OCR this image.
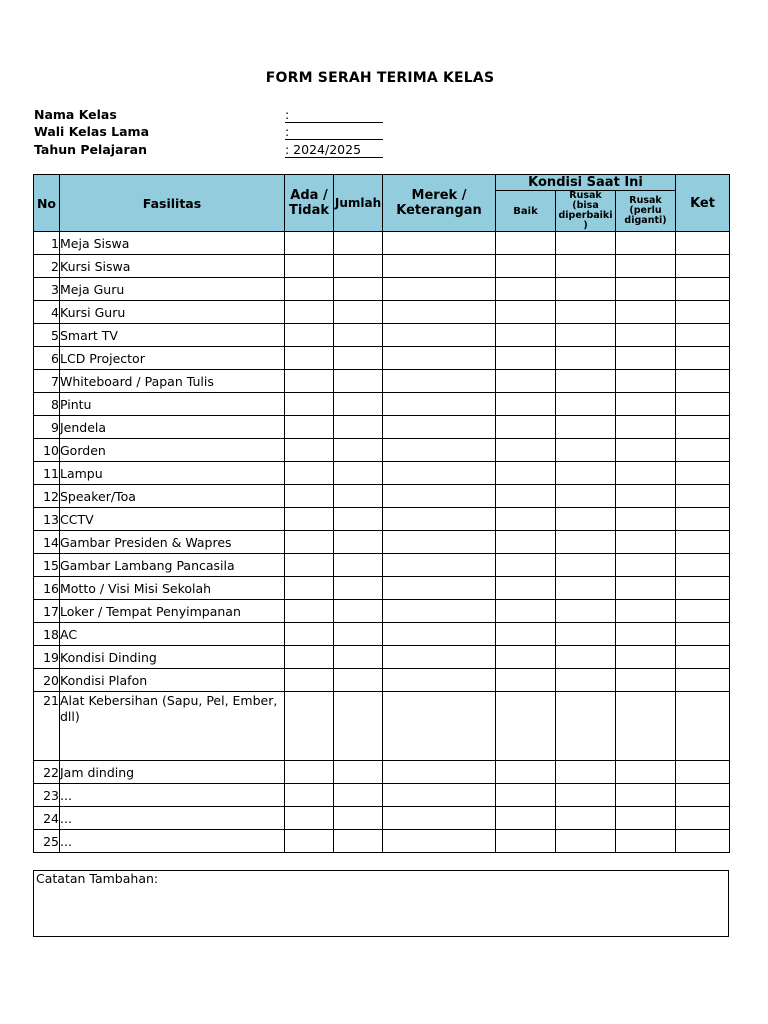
FORM SERAH TERIMA KELAS
Nama Kelas	:
Wali Kelas Lama	:
Tahun Pelajaran	: 2024/2025
No	Fasilitas	Ada / Tidak	Jumlah	Merek / Keterangan	Kondisi Saat Ini			Ket
					Baik	Rusak (bisa diperbaiki )	Rusak (perlu diganti)	
1	Meja Siswa							
2	Kursi Siswa							
3	Meja Guru							
4	Kursi Guru							
5	Smart TV							
6	LCD Projector							
7	Whiteboard / Papan Tulis							
8	Pintu							
9	Jendela							
10	Gorden							
11	Lampu							
12	Speaker/Toa							
13	CCTV							
14	Gambar Presiden & Wapres							
15	Gambar Lambang Pancasila							
16	Motto / Visi Misi Sekolah							
17	Loker / Tempat Penyimpanan							
18	AC							
19	Kondisi Dinding							
20	Kondisi Plafon							
21	Alat Kebersihan (Sapu, Pel, Ember, dll)							
22	Jam dinding							
23	...							
24	...							
25	...							
Catatan Tambahan:
